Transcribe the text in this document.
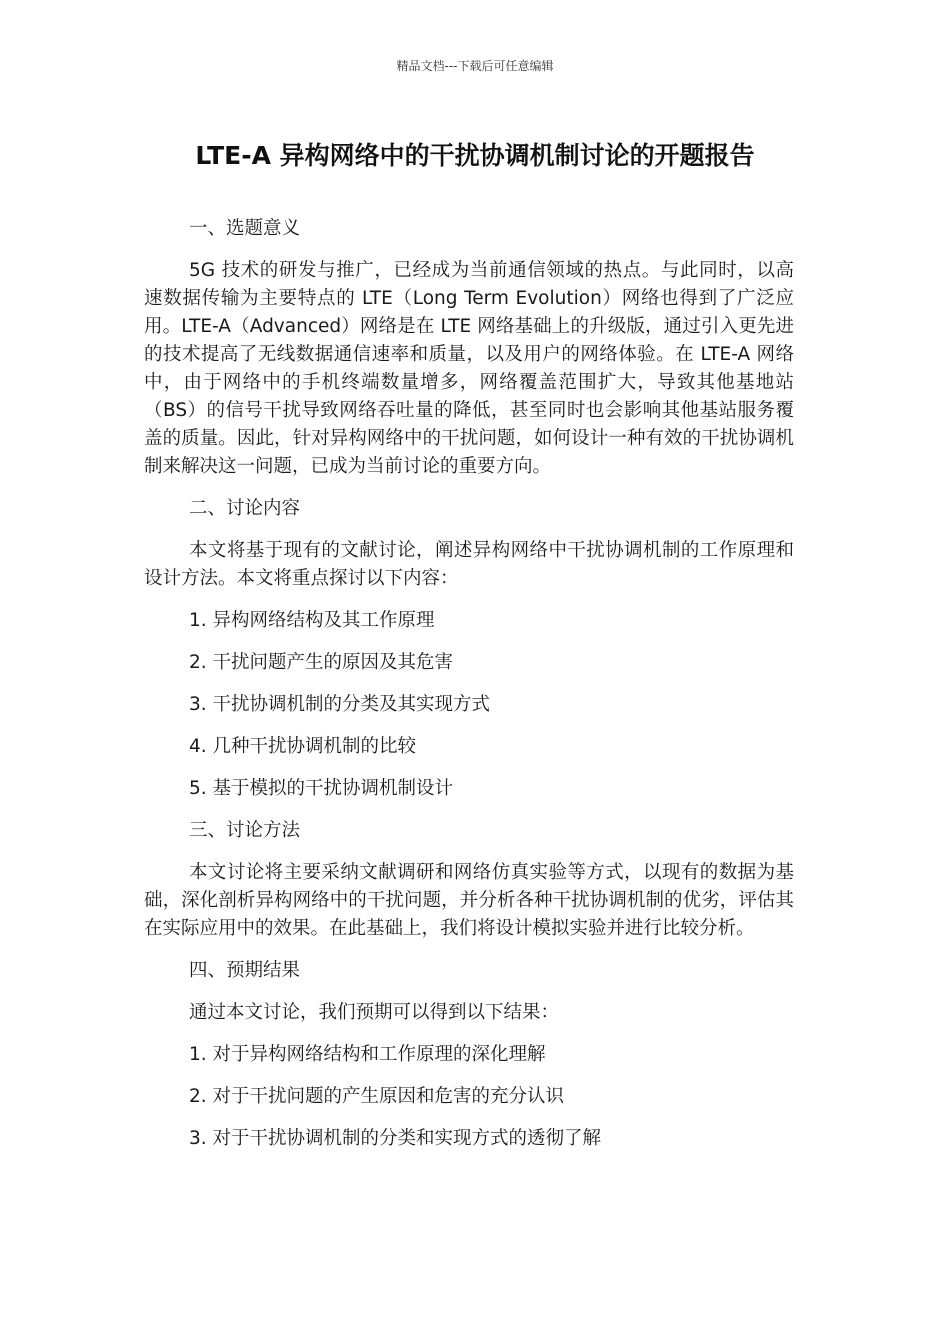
精品文档---下载后可任意编辑
LTE-A 异构网络中的干扰协调机制讨论的开题报告

一、选题意义

5G 技术的研发与推广，已经成为当前通信领域的热点。与此同时，以高速数据传输为主要特点的 LTE（Long Term Evolution）网络也得到了广泛应用。LTE-A（Advanced）网络是在 LTE 网络基础上的升级版，通过引入更先进的技术提高了无线数据通信速率和质量，以及用户的网络体验。在 LTE-A 网络中，由于网络中的手机终端数量增多，网络覆盖范围扩大，导致其他基地站（BS）的信号干扰导致网络吞吐量的降低，甚至同时也会影响其他基站服务覆盖的质量。因此，针对异构网络中的干扰问题，如何设计一种有效的干扰协调机制来解决这一问题，已成为当前讨论的重要方向。

二、讨论内容

本文将基于现有的文献讨论，阐述异构网络中干扰协调机制的工作原理和设计方法。本文将重点探讨以下内容：

1. 异构网络结构及其工作原理

2. 干扰问题产生的原因及其危害

3. 干扰协调机制的分类及其实现方式

4. 几种干扰协调机制的比较

5. 基于模拟的干扰协调机制设计

三、讨论方法

本文讨论将主要采纳文献调研和网络仿真实验等方式，以现有的数据为基础，深化剖析异构网络中的干扰问题，并分析各种干扰协调机制的优劣，评估其在实际应用中的效果。在此基础上，我们将设计模拟实验并进行比较分析。

四、预期结果

通过本文讨论，我们预期可以得到以下结果：

1. 对于异构网络结构和工作原理的深化理解

2. 对于干扰问题的产生原因和危害的充分认识

3. 对于干扰协调机制的分类和实现方式的透彻了解
